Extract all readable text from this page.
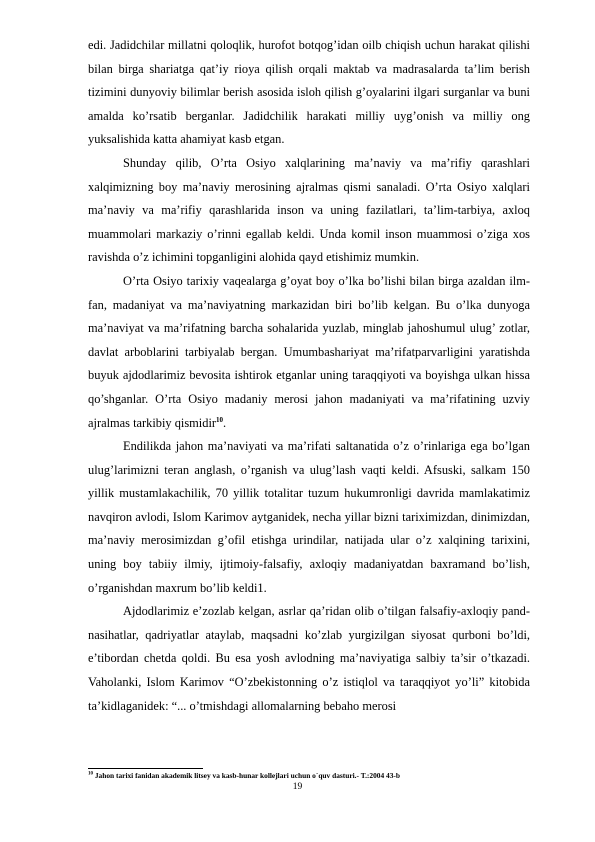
edi. Jadidchilar millatni qoloqlik, hurofot botqog’idan oilb chiqish uchun harakat qilishi bilan birga shariatga qat’iy rioya qilish orqali maktab va madrasalarda ta’lim berish tizimini dunyoviy bilimlar berish asosida isloh qilish g’oyalarini ilgari surganlar va buni amalda ko’rsatib berganlar. Jadidchilik harakati milliy uyg’onish va milliy ong yuksalishida katta ahamiyat kasb etgan.

Shunday qilib, O’rta Osiyo xalqlarining ma’naviy va ma’rifiy qarashlari xalqimizning boy ma’naviy merosining ajralmas qismi sanaladi. O’rta Osiyo xalqlari ma’naviy va ma’rifiy qarashlarida inson va uning fazilatlari, ta’lim-tarbiya, axloq muammolari markaziy o’rinni egallab keldi. Unda komil inson muammosi o’ziga xos ravishda o’z ichimini topganligini alohida qayd etishimiz mumkin.

O’rta Osiyo tarixiy vaqealarga g’oyat boy o’lka bo’lishi bilan birga azaldan ilm-fan, madaniyat va ma’naviyatning markazidan biri bo’lib kelgan. Bu o’lka dunyoga ma’naviyat va ma’rifatning barcha sohalarida yuzlab, minglab jahoshumul ulug’ zotlar, davlat arboblarini tarbiyalab bergan. Umumbashariyat ma’rifatparvarligini yaratishda buyuk ajdodlarimiz bevosita ishtirok etganlar uning taraqqiyoti va boyishga ulkan hissa qo’shganlar. O’rta Osiyo madaniy merosi jahon madaniyati va ma’rifatining uzviy ajralmas tarkibiy qismidir$^{10}$.

Endilikda jahon ma’naviyati va ma’rifati saltanatida o’z o’rinlariga ega bo’lgan ulug’larimizni teran anglash, o’rganish va ulug’lash vaqti keldi. Afsuski, salkam 150 yillik mustamlakachilik, 70 yillik totalitar tuzum hukumronligi davrida mamlakatimiz navqiron avlodi, Islom Karimov aytganidek, necha yillar bizni tariximizdan, dinimizdan, ma’naviy merosimizdan g’ofil etishga urindilar, natijada ular o’z xalqining tarixini, uning boy tabiiy ilmiy, ijtimoiy-falsafiy, axloqiy madaniyatdan baxramand bo’lish, o’rganishdan maxrum bo’lib keldi1.

Ajdodlarimiz e’zozlab kelgan, asrlar qa’ridan olib o’tilgan falsafiy-axloqiy pand-nasihatlar, qadriyatlar ataylab, maqsadni ko’zlab yurgizilgan siyosat qurboni bo’ldi, e’tibordan chetda qoldi. Bu esa yosh avlodning ma’naviyatiga salbiy ta’sir o’tkazadi. Vaholanki, Islom Karimov “O’zbekistonning o’z istiqlol va taraqqiyot yo’li” kitobida ta’kidlaganidek: “... o’tmishdagi allomalarning bebaho merosi

$^{10}$ Jahon tarixi fanidan akademik litsey va kasb-hunar kollejlari uchun o`quv dasturi.- T.:2004 43-b
19
